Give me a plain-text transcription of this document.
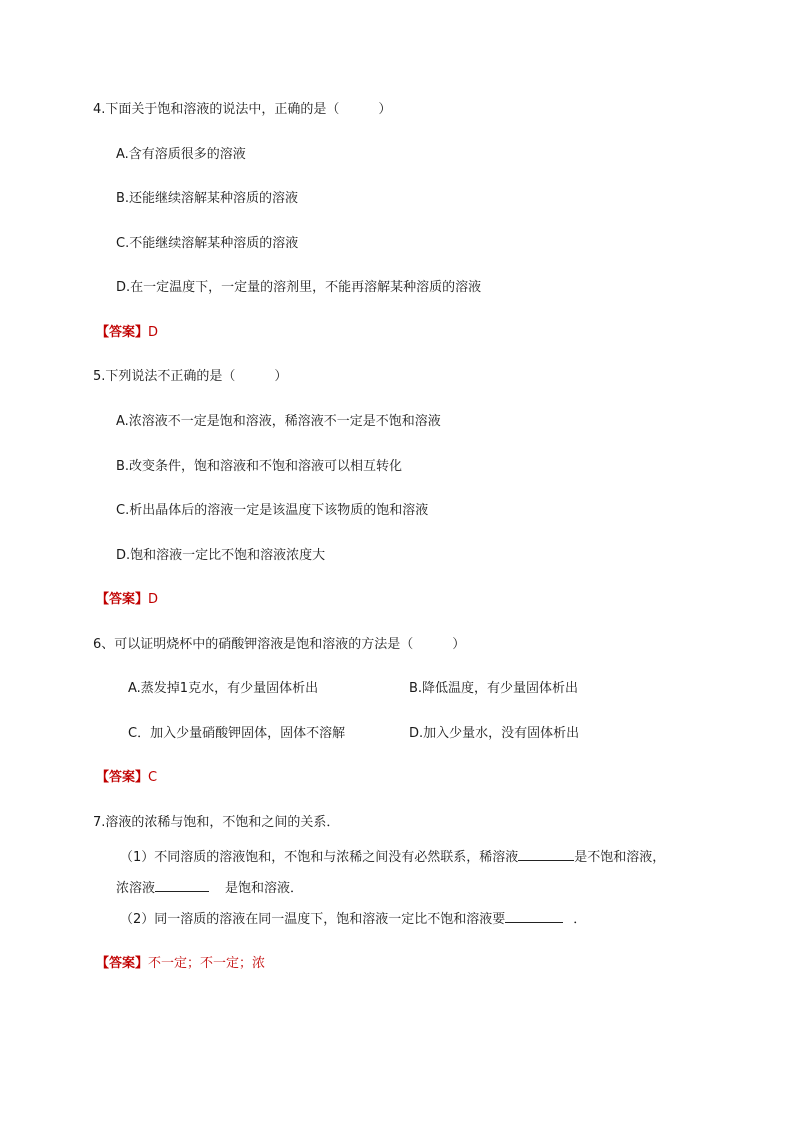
4.下面关于饱和溶液的说法中，正确的是（　　　）
A.含有溶质很多的溶液
B.还能继续溶解某种溶质的溶液
C.不能继续溶解某种溶质的溶液
D.在一定温度下，一定量的溶剂里，不能再溶解某种溶质的溶液
【答案】D
5.下列说法不正确的是（　　　）
A.浓溶液不一定是饱和溶液，稀溶液不一定是不饱和溶液
B.改变条件，饱和溶液和不饱和溶液可以相互转化
C.析出晶体后的溶液一定是该温度下该物质的饱和溶液
D.饱和溶液一定比不饱和溶液浓度大
【答案】D
6、可以证明烧杯中的硝酸钾溶液是饱和溶液的方法是（　　　）
A.蒸发掉1克水，有少量固体析出	B.降低温度，有少量固体析出
C．加入少量硝酸钾固体，固体不溶解	D.加入少量水，没有固体析出
【答案】C
7.溶液的浓稀与饱和，不饱和之间的关系．
（1）不同溶质的溶液饱和，不饱和与浓稀之间没有必然联系，稀溶液	是不饱和溶液，
浓溶液	是饱和溶液．
（2）同一溶质的溶液在同一温度下，饱和溶液一定比不饱和溶液要	．
【答案】不一定；不一定；浓
